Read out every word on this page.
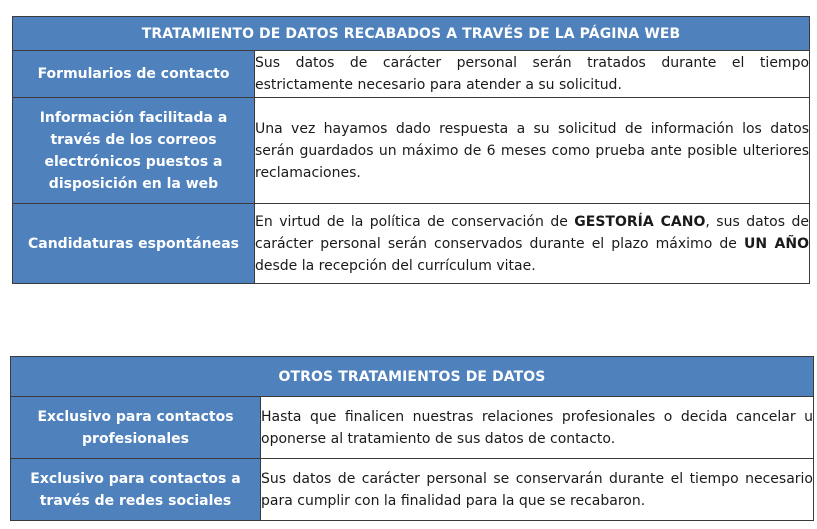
TRATAMIENTO DE DATOS RECABADOS A TRAVÉS DE LA PÁGINA WEB	
Formularios de contacto	Sus datos de carácter personal serán tratados durante el tiempo estrictamente necesario para atender a su solicitud.
Información facilitada a través de los correos electrónicos puestos a disposición en la web	Una vez hayamos dado respuesta a su solicitud de información los datos serán guardados un máximo de 6 meses como prueba ante posible ulteriores reclamaciones.
Candidaturas espontáneas	En virtud de la política de conservación de GESTORÍA CANO, sus datos de carácter personal serán conservados durante el plazo máximo de UN AÑO desde la recepción del currículum vitae.
OTROS TRATAMIENTOS DE DATOS	
Exclusivo para contactos profesionales	Hasta que finalicen nuestras relaciones profesionales o decida cancelar u oponerse al tratamiento de sus datos de contacto.
Exclusivo para contactos a través de redes sociales	Sus datos de carácter personal se conservarán durante el tiempo necesario para cumplir con la finalidad para la que se recabaron.
